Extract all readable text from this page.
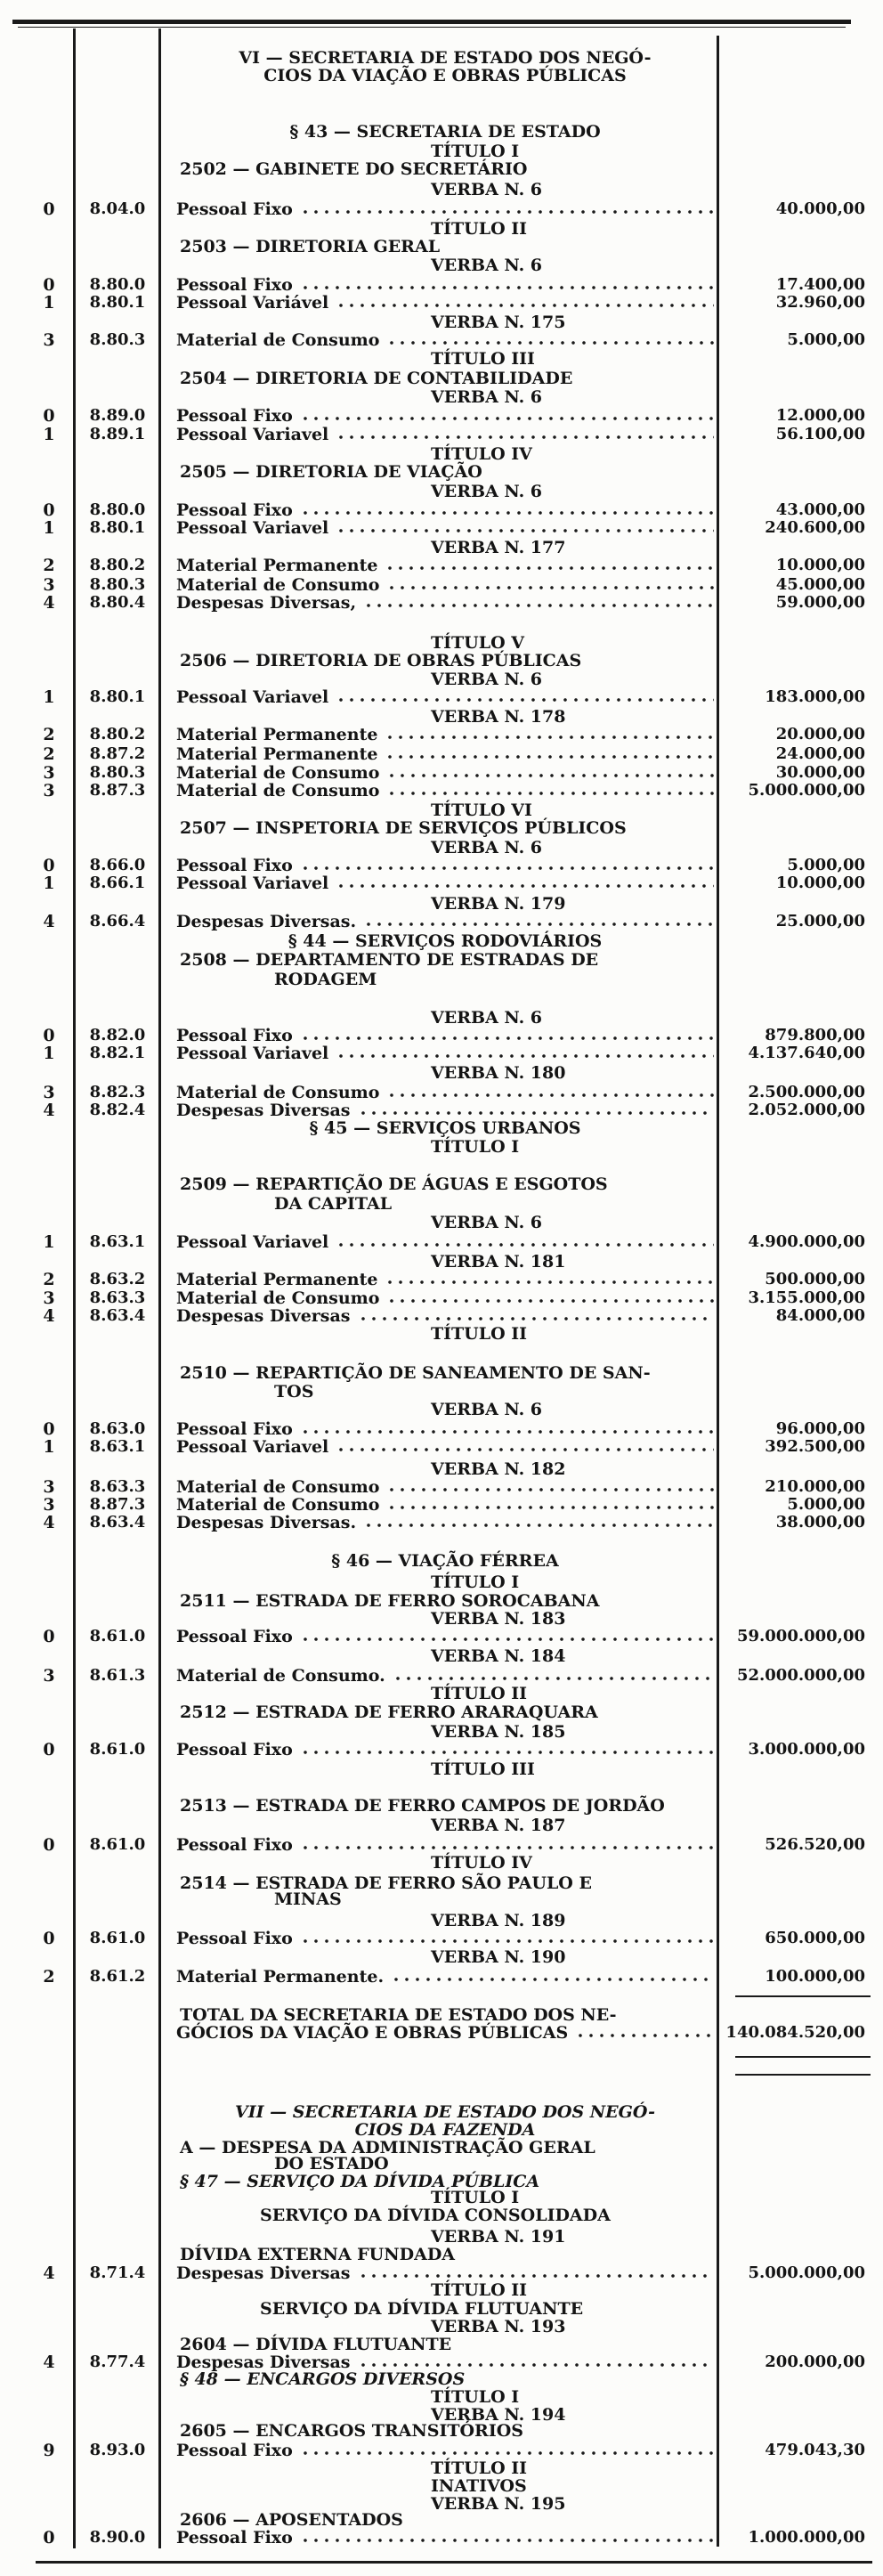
VI — SECRETARIA DE ESTADO DOS NEGÓ-
CIOS DA VIAÇÃO E OBRAS PÚBLICAS
§ 43 — SECRETARIA DE ESTADO
TÍTULO I
2502 — GABINETE DO SECRETÁRIO
VERBA N. 6
0	8.04.0	Pessoal Fixo	40.000,00
TÍTULO II
2503 — DIRETORIA GERAL
VERBA N. 6
0	8.80.0	Pessoal Fixo	17.400,00
1	8.80.1	Pessoal Variável	32.960,00
VERBA N. 175
3	8.80.3	Material de Consumo	5.000,00
TÍTULO III
2504 — DIRETORIA DE CONTABILIDADE
VERBA N. 6
0	8.89.0	Pessoal Fixo	12.000,00
1	8.89.1	Pessoal Variavel	56.100,00
TÍTULO IV
2505 — DIRETORIA DE VIAÇÃO
VERBA N. 6
0	8.80.0	Pessoal Fixo	43.000,00
1	8.80.1	Pessoal Variavel	240.600,00
VERBA N. 177
2	8.80.2	Material Permanente	10.000,00
3	8.80.3	Material de Consumo	45.000,00
4	8.80.4	Despesas Diversas,	59.000,00
TÍTULO V
2506 — DIRETORIA DE OBRAS PÚBLICAS
VERBA N. 6
1	8.80.1	Pessoal Variavel	183.000,00
VERBA N. 178
2	8.80.2	Material Permanente	20.000,00
2	8.87.2	Material Permanente	24.000,00
3	8.80.3	Material de Consumo	30.000,00
3	8.87.3	Material de Consumo	5.000.000,00
TÍTULO VI
2507 — INSPETORIA DE SERVIÇOS PÚBLICOS
VERBA N. 6
0	8.66.0	Pessoal Fixo	5.000,00
1	8.66.1	Pessoal Variavel	10.000,00
VERBA N. 179
4	8.66.4	Despesas Diversas.	25.000,00
§ 44 — SERVIÇOS RODOVIÁRIOS
2508 — DEPARTAMENTO DE ESTRADAS DE
RODAGEM
VERBA N. 6
0	8.82.0	Pessoal Fixo	879.800,00
1	8.82.1	Pessoal Variavel	4.137.640,00
VERBA N. 180
3	8.82.3	Material de Consumo	2.500.000,00
4	8.82.4	Despesas Diversas	2.052.000,00
§ 45 — SERVIÇOS URBANOS
TÍTULO I
2509 — REPARTIÇÃO DE ÁGUAS E ESGOTOS
DA CAPITAL
VERBA N. 6
1	8.63.1	Pessoal Variavel	4.900.000,00
VERBA N. 181
2	8.63.2	Material Permanente	500.000,00
3	8.63.3	Material de Consumo	3.155.000,00
4	8.63.4	Despesas Diversas	84.000,00
TÍTULO II
2510 — REPARTIÇÃO DE SANEAMENTO DE SAN-
TOS
VERBA N. 6
0	8.63.0	Pessoal Fixo	96.000,00
1	8.63.1	Pessoal Variavel	392.500,00
VERBA N. 182
3	8.63.3	Material de Consumo	210.000,00
3	8.87.3	Material de Consumo	5.000,00
4	8.63.4	Despesas Diversas.	38.000,00
§ 46 — VIAÇÃO FÉRREA
TÍTULO I
2511 — ESTRADA DE FERRO SOROCABANA
VERBA N. 183
0	8.61.0	Pessoal Fixo	59.000.000,00
VERBA N. 184
3	8.61.3	Material de Consumo.	52.000.000,00
TÍTULO II
2512 — ESTRADA DE FERRO ARARAQUARA
VERBA N. 185
0	8.61.0	Pessoal Fixo	3.000.000,00
TÍTULO III
2513 — ESTRADA DE FERRO CAMPOS DE JORDÃO
VERBA N. 187
0	8.61.0	Pessoal Fixo	526.520,00
TÍTULO IV
2514 — ESTRADA DE FERRO SÃO PAULO E
MINAS
VERBA N. 189
0	8.61.0	Pessoal Fixo	650.000,00
VERBA N. 190
2	8.61.2	Material Permanente.	100.000,00
TOTAL DA SECRETARIA DE ESTADO DOS NE-
GÓCIOS DA VIAÇÃO E OBRAS PÚBLICAS	140.084.520,00
VII — SECRETARIA DE ESTADO DOS NEGÓ-
CIOS DA FAZENDA
A — DESPESA DA ADMINISTRAÇÃO GERAL
DO ESTADO
§ 47 — SERVIÇO DA DÍVIDA PÚBLICA
TÍTULO I
SERVIÇO DA DÍVIDA CONSOLIDADA
VERBA N. 191
DÍVIDA EXTERNA FUNDADA
4	8.71.4	Despesas Diversas	5.000.000,00
TÍTULO II
SERVIÇO DA DÍVIDA FLUTUANTE
VERBA N. 193
2604 — DÍVIDA FLUTUANTE
4	8.77.4	Despesas Diversas	200.000,00
§ 48 — ENCARGOS DIVERSOS
TÍTULO I
VERBA N. 194
2605 — ENCARGOS TRANSITÓRIOS
9	8.93.0	Pessoal Fixo	479.043,30
TÍTULO II
INATIVOS
VERBA N. 195
2606 — APOSENTADOS
0	8.90.0	Pessoal Fixo	1.000.000,00
